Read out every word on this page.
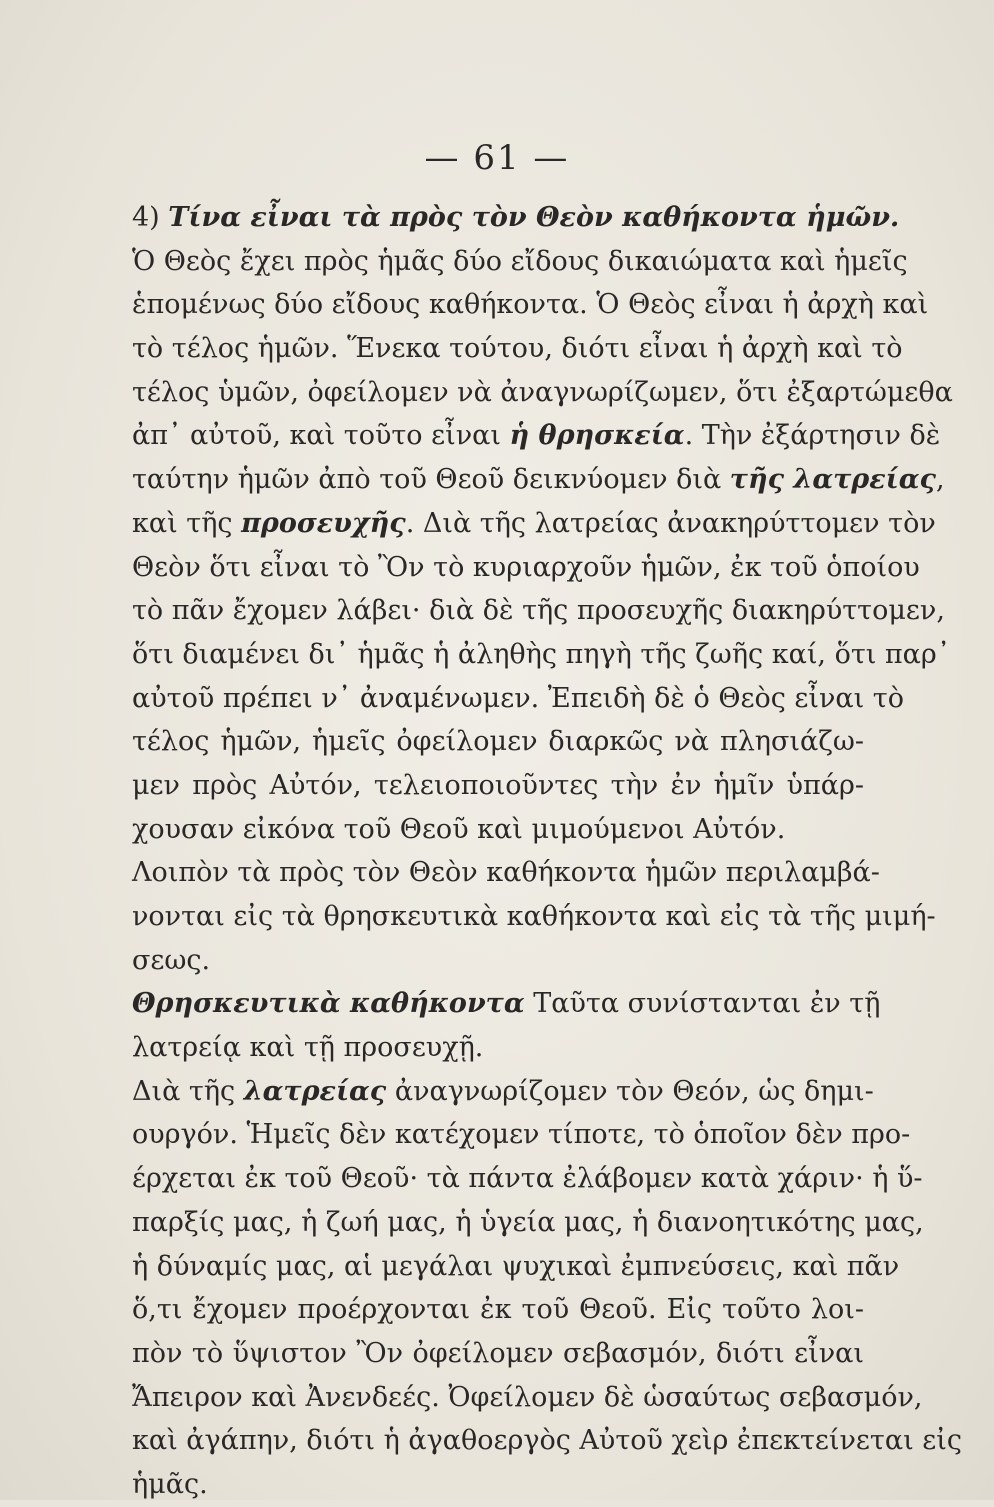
— 61 —
4) Τίνα εἶναι τὰ πρὸς τὸν Θεὸν καθήκοντα ἡμῶν.
Ὁ Θεὸς ἔχει πρὸς ἡμᾶς δύο εἴδους δικαιώματα καὶ ἡμεῖς
ἑπομένως δύο εἴδους καθήκοντα. Ὁ Θεὸς εἶναι ἡ ἀρχὴ καὶ
τὸ τέλος ἡμῶν. Ἕνεκα τούτου, διότι εἶναι ἡ ἀρχὴ καὶ τὸ
τέλος ὑμῶν, ὀφείλομεν νὰ ἀναγνωρίζωμεν, ὅτι ἐξαρτώμεθα
ἀπ᾽ αὐτοῦ, καὶ τοῦτο εἶναι ἡ θρησκεία. Τὴν ἐξάρτησιν δὲ
ταύτην ἡμῶν ἀπὸ τοῦ Θεοῦ δεικνύομεν διὰ τῆς λατρείας,
καὶ τῆς προσευχῆς. Διὰ τῆς λατρείας ἀνακηρύττομεν τὸν
Θεὸν ὅτι εἶναι τὸ Ὂν τὸ κυριαρχοῦν ἡμῶν, ἐκ τοῦ ὁποίου
τὸ πᾶν ἔχομεν λάβει· διὰ δὲ τῆς προσευχῆς διακηρύττομεν,
ὅτι διαμένει δι᾽ ἡμᾶς ἡ ἀληθὴς πηγὴ τῆς ζωῆς καί, ὅτι παρ᾽
αὐτοῦ πρέπει ν᾽ ἀναμένωμεν. Ἐπειδὴ δὲ ὁ Θεὸς εἶναι τὸ
τέλος ἡμῶν, ἡμεῖς ὀφείλομεν διαρκῶς νὰ πλησιάζω-
μεν πρὸς Αὐτόν, τελειοποιοῦντες τὴν ἐν ἡμῖν ὑπάρ-
χουσαν εἰκόνα τοῦ Θεοῦ καὶ μιμούμενοι Αὐτόν.
Λοιπὸν τὰ πρὸς τὸν Θεὸν καθήκοντα ἡμῶν περιλαμβά-
νονται εἰς τὰ θρησκευτικὰ καθήκοντα καὶ εἰς τὰ τῆς μιμή-
σεως.
Θρησκευτικὰ καθήκοντα Ταῦτα συνίστανται ἐν τῇ
λατρείᾳ καὶ τῇ προσευχῇ.
Διὰ τῆς λατρείας ἀναγνωρίζομεν τὸν Θεόν, ὡς δημι-
ουργόν. Ἡμεῖς δὲν κατέχομεν τίποτε, τὸ ὁποῖον δὲν προ-
έρχεται ἐκ τοῦ Θεοῦ· τὰ πάντα ἐλάβομεν κατὰ χάριν· ἡ ὕ-
παρξίς μας, ἡ ζωή μας, ἡ ὑγεία μας, ἡ διανοητικότης μας,
ἡ δύναμίς μας, αἱ μεγάλαι ψυχικαὶ ἐμπνεύσεις, καὶ πᾶν
ὅ,τι ἔχομεν προέρχονται ἐκ τοῦ Θεοῦ. Εἰς τοῦτο λοι-
πὸν τὸ ὕψιστον Ὂν ὀφείλομεν σεβασμόν, διότι εἶναι
Ἄπειρον καὶ Ἀνενδεές. Ὀφείλομεν δὲ ὡσαύτως σεβασμόν,
καὶ ἀγάπην, διότι ἡ ἀγαθοεργὸς Αὐτοῦ χεὶρ ἐπεκτείνεται εἰς
ἡμᾶς.
